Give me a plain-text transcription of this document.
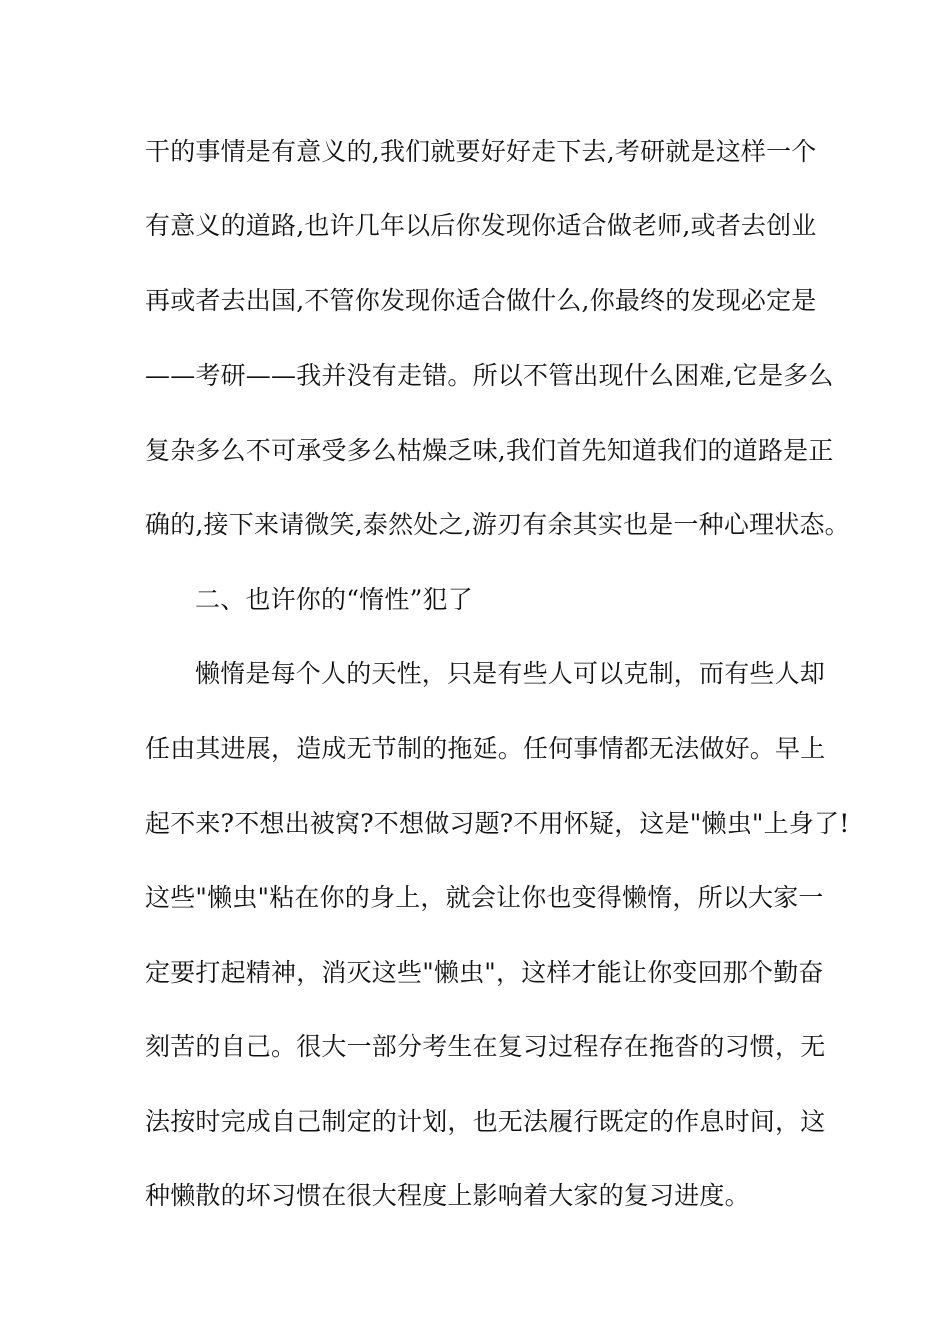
干的事情是有意义的,我们就要好好走下去,考研就是这样一个
有意义的道路,也许几年以后你发现你适合做老师,或者去创业
再或者去出国,不管你发现你适合做什么,你最终的发现必定是
——考研——我并没有走错。所以不管出现什么困难,它是多么
复杂多么不可承受多么枯燥乏味,我们首先知道我们的道路是正
确的,接下来请微笑,泰然处之,游刃有余其实也是一种心理状态。
二、也许你的“惰性”犯了
懒惰是每个人的天性，只是有些人可以克制，而有些人却
任由其进展，造成无节制的拖延。任何事情都无法做好。早上
起不来?不想出被窝?不想做习题?不用怀疑，这是"懒虫"上身了!
这些"懒虫"粘在你的身上，就会让你也变得懒惰，所以大家一
定要打起精神，消灭这些"懒虫"，这样才能让你变回那个勤奋
刻苦的自己。很大一部分考生在复习过程存在拖沓的习惯，无
法按时完成自己制定的计划，也无法履行既定的作息时间，这
种懒散的坏习惯在很大程度上影响着大家的复习进度。
